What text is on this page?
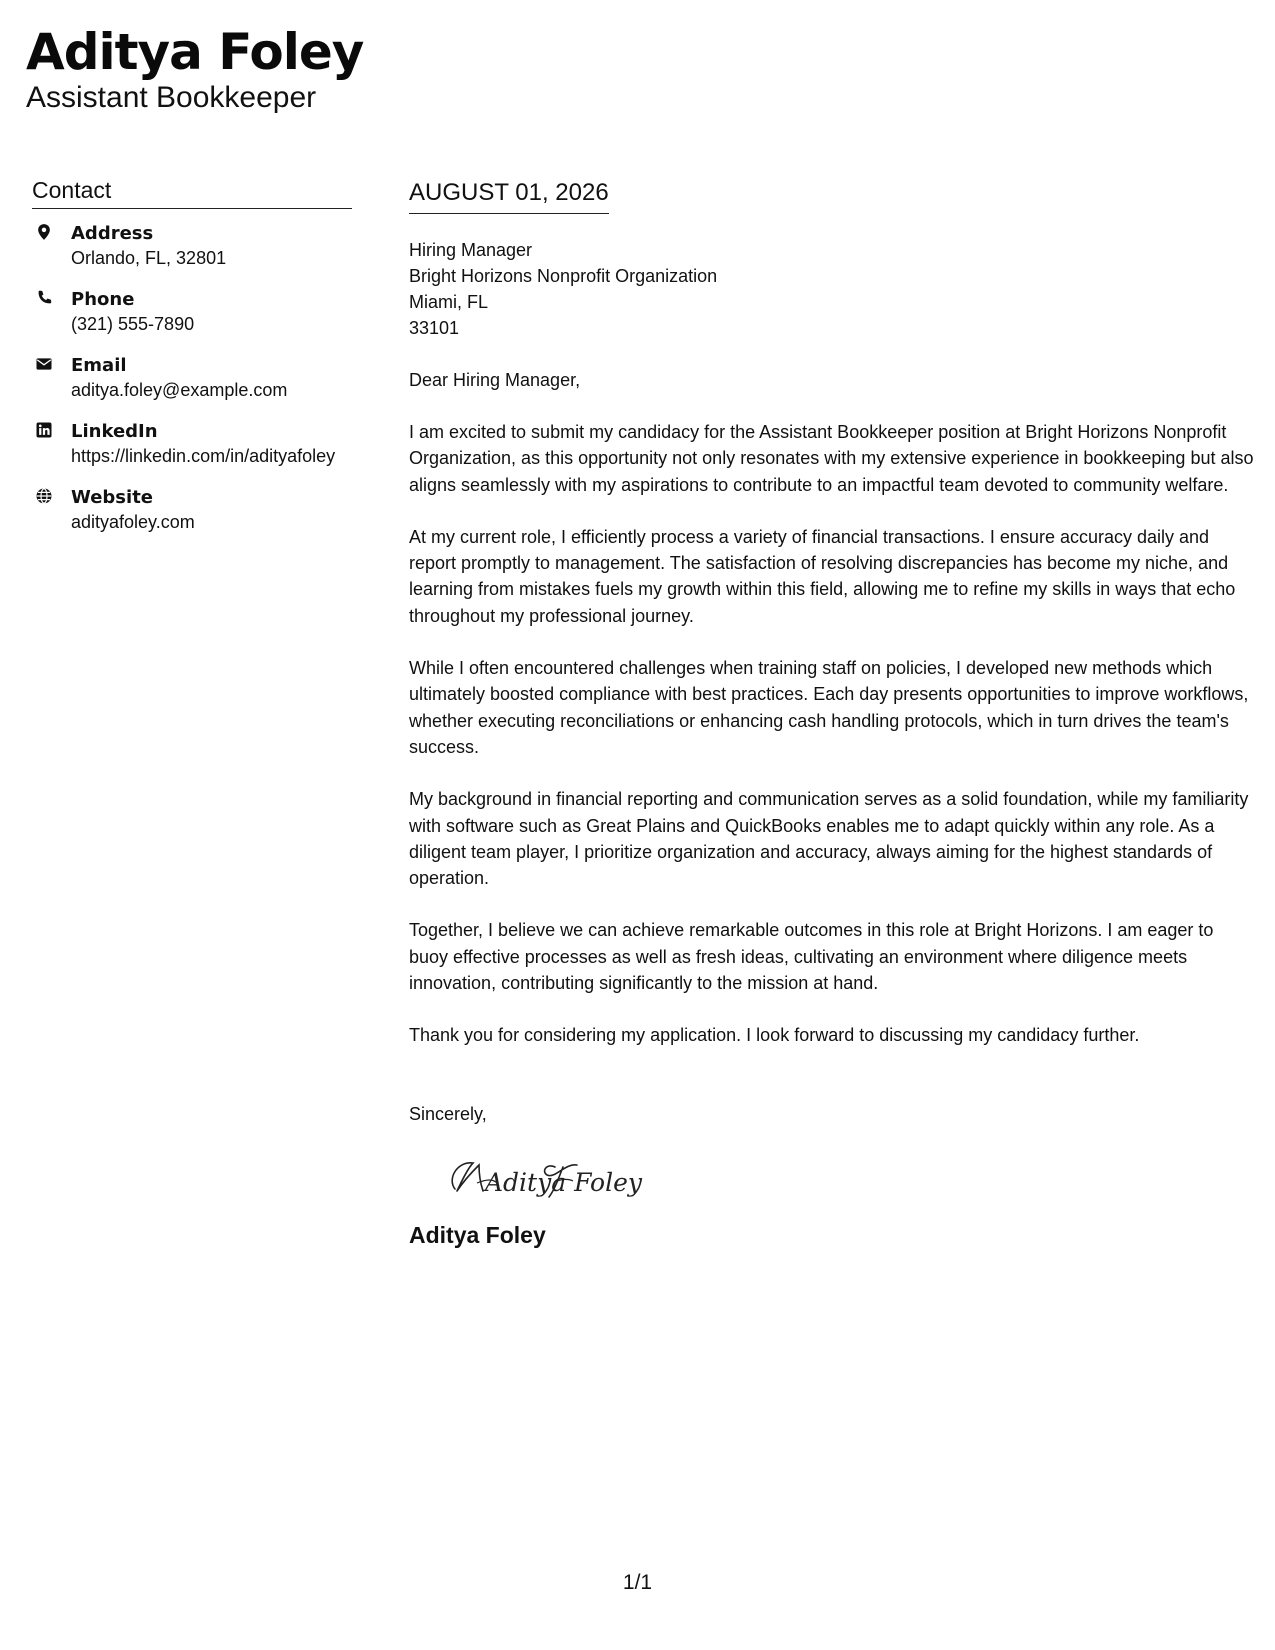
Aditya Foley
Assistant Bookkeeper
Contact
Address
Orlando, FL, 32801
Phone
(321) 555-7890
Email
aditya.foley@example.com
LinkedIn
https://linkedin.com/in/adityafoley
Website
adityafoley.com
AUGUST 01, 2026
Hiring Manager
Bright Horizons Nonprofit Organization
Miami, FL
33101
Dear Hiring Manager,
I am excited to submit my candidacy for the Assistant Bookkeeper position at Bright Horizons Nonprofit Organization, as this opportunity not only resonates with my extensive experience in bookkeeping but also aligns seamlessly with my aspirations to contribute to an impactful team devoted to community welfare.
At my current role, I efficiently process a variety of financial transactions. I ensure accuracy daily and report promptly to management. The satisfaction of resolving discrepancies has become my niche, and learning from mistakes fuels my growth within this field, allowing me to refine my skills in ways that echo throughout my professional journey.
While I often encountered challenges when training staff on policies, I developed new methods which ultimately boosted compliance with best practices. Each day presents opportunities to improve workflows, whether executing reconciliations or enhancing cash handling protocols, which in turn drives the team's success.
My background in financial reporting and communication serves as a solid foundation, while my familiarity with software such as Great Plains and QuickBooks enables me to adapt quickly within any role. As a diligent team player, I prioritize organization and accuracy, always aiming for the highest standards of operation.
Together, I believe we can achieve remarkable outcomes in this role at Bright Horizons. I am eager to buoy effective processes as well as fresh ideas, cultivating an environment where diligence meets innovation, contributing significantly to the mission at hand.
Thank you for considering my application. I look forward to discussing my candidacy further.
Sincerely,
Aditya Foley
Aditya Foley
1/1
